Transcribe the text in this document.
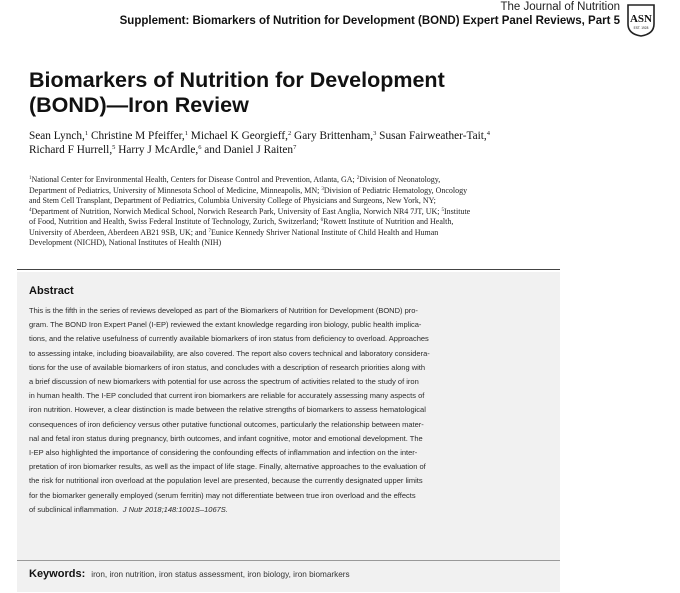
The Journal of Nutrition
Supplement: Biomarkers of Nutrition for Development (BOND) Expert Panel Reviews, Part 5 ASN
EST. 1928
Biomarkers of Nutrition for Development
(BOND)—Iron Review
Sean Lynch,$^1$ Christine M Pfeiffer,$^1$ Michael K Georgieff,$^2$ Gary Brittenham,$^3$ Susan Fairweather-Tait,$^4$
Richard F Hurrell,$^5$ Harry J McArdle,$^6$ and Daniel J Raiten$^7$
$^1$National Center for Environmental Health, Centers for Disease Control and Prevention, Atlanta, GA; $^2$Division of Neonatology,
Department of Pediatrics, University of Minnesota School of Medicine, Minneapolis, MN; $^3$Division of Pediatric Hematology, Oncology
and Stem Cell Transplant, Department of Pediatrics, Columbia University College of Physicians and Surgeons, New York, NY;
$^4$Department of Nutrition, Norwich Medical School, Norwich Research Park, University of East Anglia, Norwich NR4 7JT, UK; $^5$Institute
of Food, Nutrition and Health, Swiss Federal Institute of Technology, Zurich, Switzerland; $^6$Rowett Institute of Nutrition and Health,
University of Aberdeen, Aberdeen AB21 9SB, UK; and $^7$Eunice Kennedy Shriver National Institute of Child Health and Human
Development (NICHD), National Institutes of Health (NIH)
Abstract
This is the fifth in the series of reviews developed as part of the Biomarkers of Nutrition for Development (BOND) pro-
gram. The BOND Iron Expert Panel (I-EP) reviewed the extant knowledge regarding iron biology, public health implica-
tions, and the relative usefulness of currently available biomarkers of iron status from deficiency to overload. Approaches
to assessing intake, including bioavailability, are also covered. The report also covers technical and laboratory considera-
tions for the use of available biomarkers of iron status, and concludes with a description of research priorities along with
a brief discussion of new biomarkers with potential for use across the spectrum of activities related to the study of iron
in human health. The I-EP concluded that current iron biomarkers are reliable for accurately assessing many aspects of
iron nutrition. However, a clear distinction is made between the relative strengths of biomarkers to assess hematological
consequences of iron deficiency versus other putative functional outcomes, particularly the relationship between mater-
nal and fetal iron status during pregnancy, birth outcomes, and infant cognitive, motor and emotional development. The
I-EP also highlighted the importance of considering the confounding effects of inflammation and infection on the inter-
pretation of iron biomarker results, as well as the impact of life stage. Finally, alternative approaches to the evaluation of
the risk for nutritional iron overload at the population level are presented, because the currently designated upper limits
for the biomarker generally employed (serum ferritin) may not differentiate between true iron overload and the effects
of subclinical inflammation. J Nutr 2018;148:1001S–1067S.
Keywords: iron, iron nutrition, iron status assessment, iron biology, iron biomarkers
